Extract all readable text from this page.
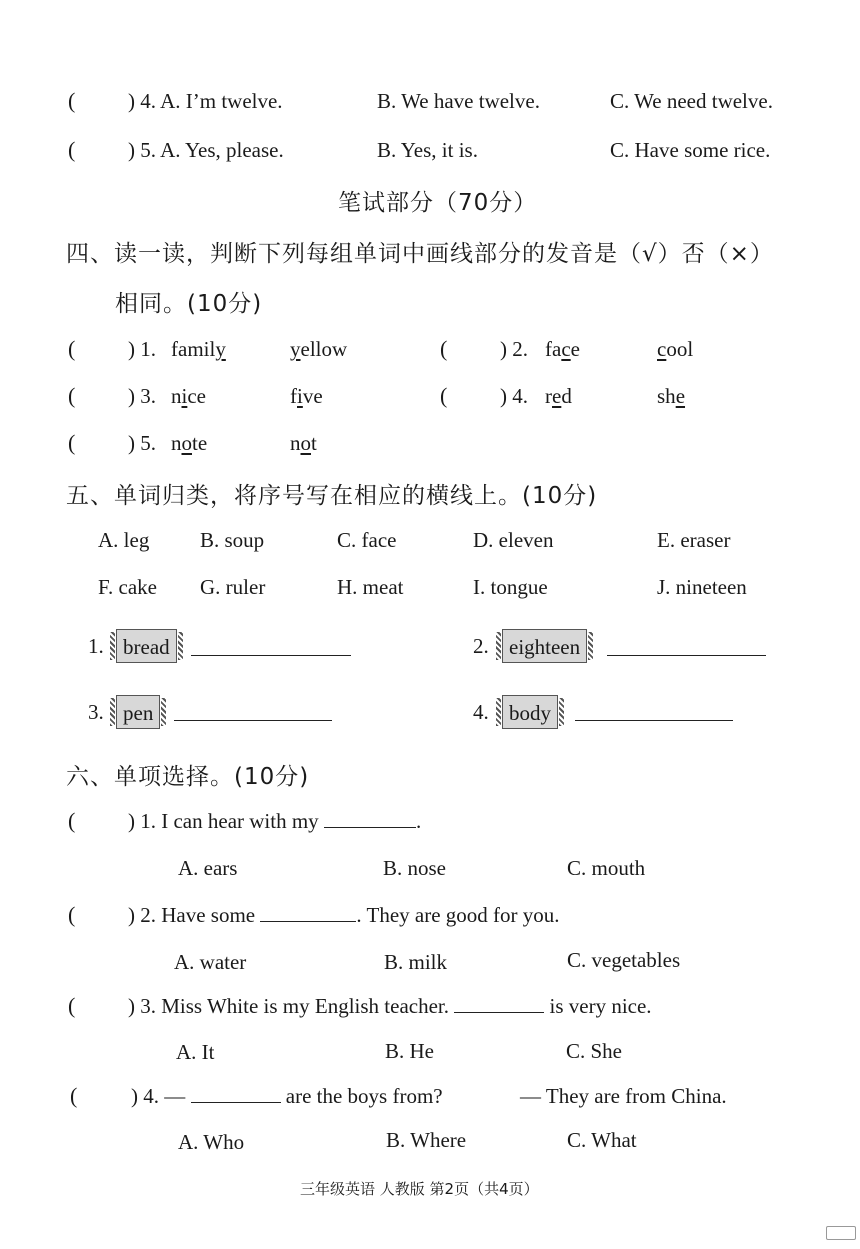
(	) 4. A. I’m twelve.	B. We have twelve.	C. We need twelve.
(	) 5. A. Yes, please.	B. Yes, it is.	C. Have some rice.
笔试部分（70分）
四、读一读，判断下列每组单词中画线部分的发音是（√）否（×）
相同。(10分)
(	) 1. family	yellow	(	) 2. face	cool
(	) 3. nice	five	(	) 4. red	she
(	) 5. note	not
五、单词归类，将序号写在相应的横线上。(10分)
A. leg B. soup	C. face	D. eleven	E. eraser
F. cake G. ruler	H. meat	I. tongue	J. nineteen
1. bread	2. eighteen
3. pen	4. body
六、单项选择。(10分)
(	) 1. I can hear with my	.
A. ears	B. nose	C. mouth
(	) 2. Have some	. They are good for you.
A. water	B. milk	C. vegetables
(	) 3. Miss White is my English teacher.	is very nice.
A. It	B. He	C. She
(	) 4. —	are the boys from?	— They are from China.
A. Who	B. Where	C. What
三年级英语 人教版 第2页（共4页）
